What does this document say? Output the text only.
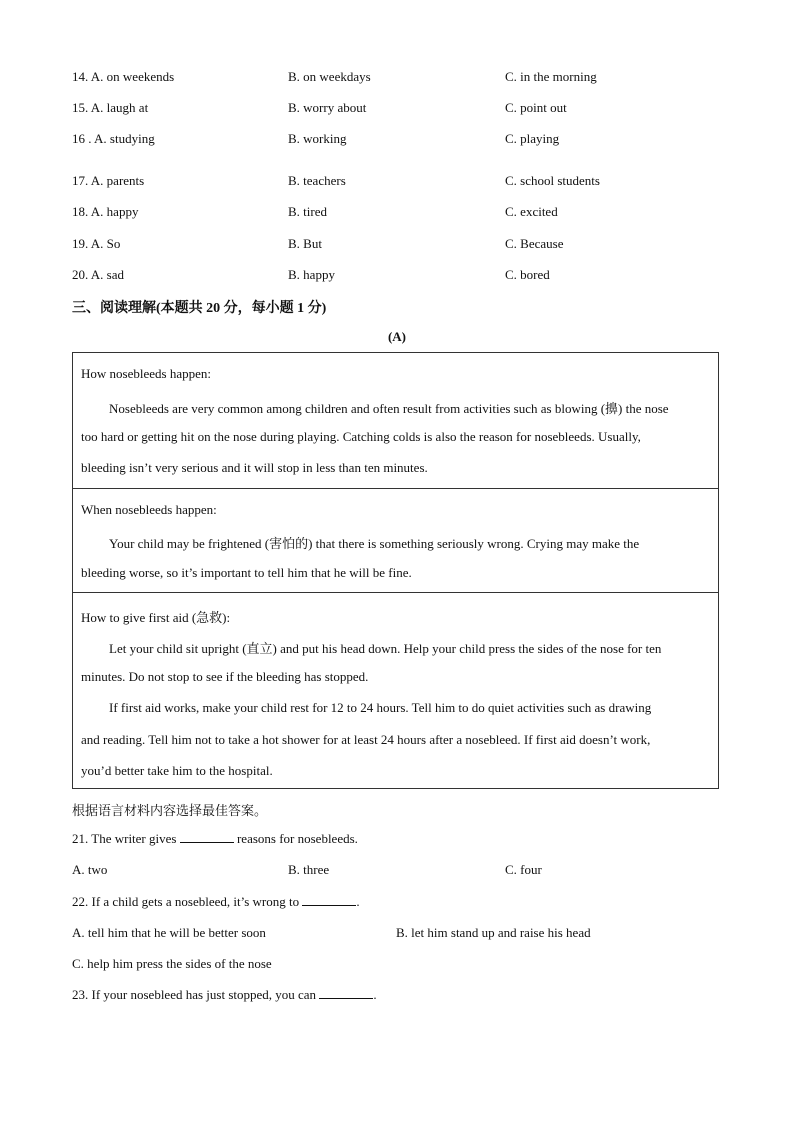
14. A. on weekends	B. on weekdays	C. in the morning
15. A. laugh at	B. worry about	C. point out
16 . A. studying	B. working	C. playing
17. A. parents	B. teachers	C. school students
18. A. happy	B. tired	C. excited
19. A. So	B. But	C. Because
20. A. sad	B. happy	C. bored
三、阅读理解(本题共 20 分，每小题 1 分)
(A)
How nosebleeds happen:
Nosebleeds are very common among children and often result from activities such as blowing (擤) the nose
too hard or getting hit on the nose during playing. Catching colds is also the reason for nosebleeds. Usually,
bleeding isn’t very serious and it will stop in less than ten minutes.
When nosebleeds happen:
Your child may be frightened (害怕的) that there is something seriously wrong. Crying may make the
bleeding worse, so it’s important to tell him that he will be fine.
How to give first aid (急救):
Let your child sit upright (直立) and put his head down. Help your child press the sides of the nose for ten
minutes. Do not stop to see if the bleeding has stopped.
If first aid works, make your child rest for 12 to 24 hours. Tell him to do quiet activities such as drawing
and reading. Tell him not to take a hot shower for at least 24 hours after a nosebleed. If first aid doesn’t work,
you’d better take him to the hospital.
根据语言材料内容选择最佳答案。
21. The writer gives	reasons for nosebleeds.
A. two	B. three	C. four
22. If a child gets a nosebleed, it’s wrong to	.
A. tell him that he will be better soon	B. let him stand up and raise his head
C. help him press the sides of the nose
23. If your nosebleed has just stopped, you can	.
